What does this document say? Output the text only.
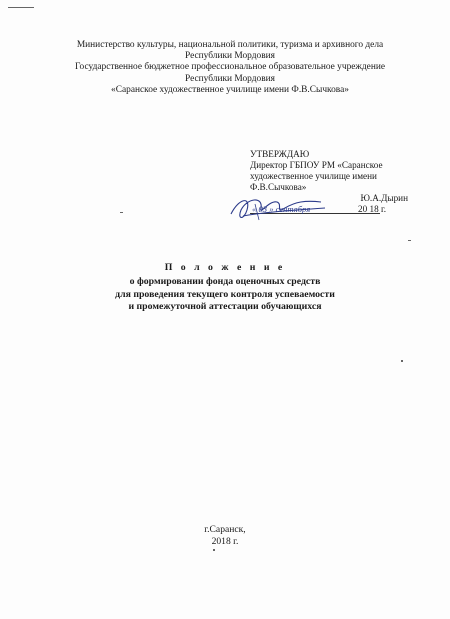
Министерство культуры, национальной политики, туризма и архивного дела
Республики Мордовия
Государственное бюджетное профессиональное образовательное учреждение
Республики Мордовия
«Саранское художественное училище имени Ф.В.Сычкова»
УТВЕРЖДАЮ
Директор ГБПОУ РМ «Саранское
художественное училище имени
Ф.В.Сычкова»
Ю.А.Дырин
« 03 » сентября	20 18 г.
П о л о ж е н и е
о формировании фонда оценочных средств
для проведения текущего контроля успеваемости
и промежуточной аттестации обучающихся
г.Саранск,
2018 г.
